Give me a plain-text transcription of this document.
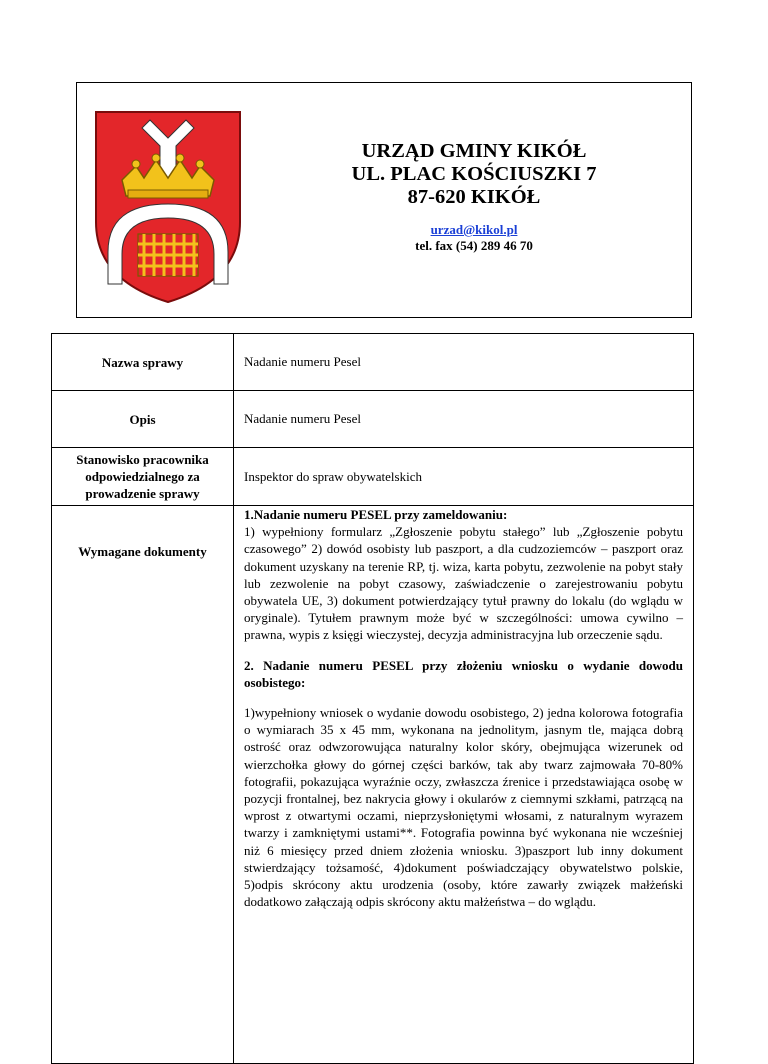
URZĄD GMINY KIKÓŁ
UL. PLAC KOŚCIUSZKI 7
87-620 KIKÓŁ
urzad@kikol.pl
tel. fax (54) 289 46 70
Nazwa sprawy	Nadanie numeru Pesel
Opis	Nadanie numeru Pesel
Stanowisko pracownika odpowiedzialnego za prowadzenie sprawy	Inspektor do spraw obywatelskich
Wymagane dokumenty	1.Nadanie numeru PESEL przy zameldowaniu:

1) wypełniony formularz „Zgłoszenie pobytu stałego” lub „Zgłoszenie pobytu czasowego” 2) dowód osobisty lub paszport, a dla cudzoziemców – paszport oraz dokument uzyskany na terenie RP, tj. wiza, karta pobytu, zezwolenie na pobyt stały lub zezwolenie na pobyt czasowy, zaświadczenie o zarejestrowaniu pobytu obywatela UE, 3) dokument potwierdzający tytuł prawny do lokalu (do wglądu w oryginale). Tytułem prawnym może być w szczególności: umowa cywilno – prawna, wypis z księgi wieczystej, decyzja administracyjna lub orzeczenie sądu.

2. Nadanie numeru PESEL przy złożeniu wniosku o wydanie dowodu osobistego:

1)wypełniony wniosek o wydanie dowodu osobistego, 2) jedna kolorowa fotografia o wymiarach 35 x 45 mm, wykonana na jednolitym, jasnym tle, mająca dobrą ostrość oraz odwzorowująca naturalny kolor skóry, obejmująca wizerunek od wierzchołka głowy do górnej części barków, tak aby twarz zajmowała 70-80% fotografii, pokazująca wyraźnie oczy, zwłaszcza źrenice i przedstawiająca osobę w pozycji frontalnej, bez nakrycia głowy i okularów z ciemnymi szkłami, patrzącą na wprost z otwartymi oczami, nieprzysłoniętymi włosami, z naturalnym wyrazem twarzy i zamkniętymi ustami**. Fotografia powinna być wykonana nie wcześniej niż 6 miesięcy przed dniem złożenia wniosku. 3)paszport lub inny dokument stwierdzający tożsamość, 4)dokument poświadczający obywatelstwo polskie, 5)odpis skrócony aktu urodzenia (osoby, które zawarły związek małżeński dodatkowo załączają odpis skrócony aktu małżeństwa – do wglądu.
